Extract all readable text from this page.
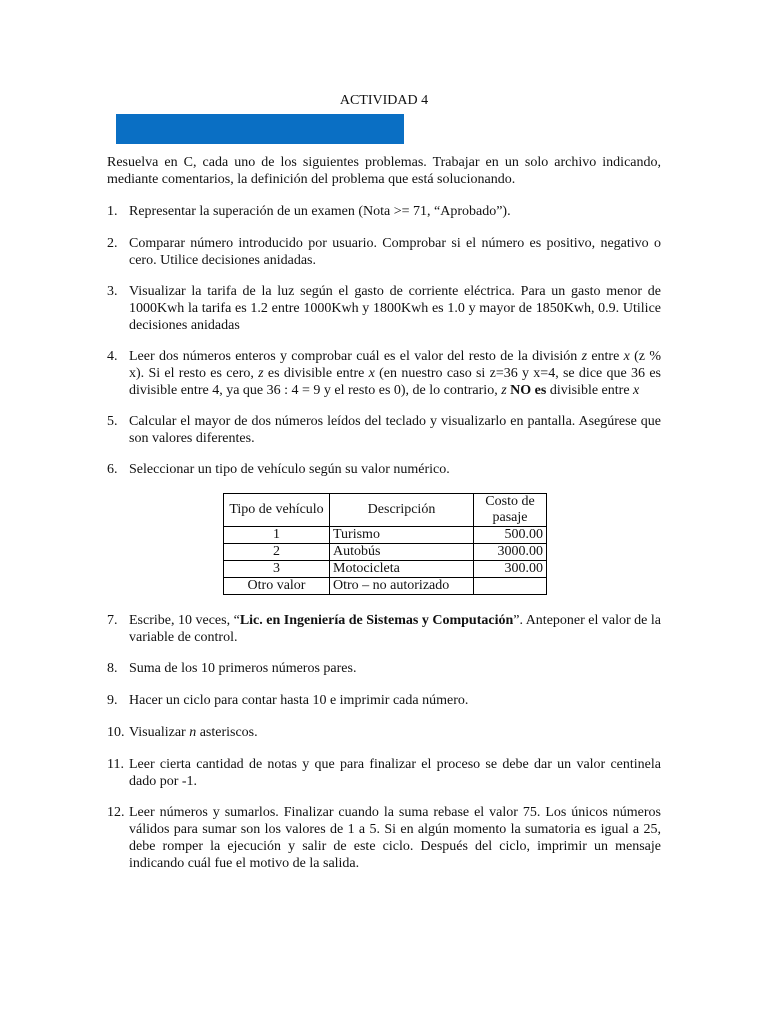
ACTIVIDAD 4
Resuelva en C, cada uno de los siguientes problemas. Trabajar en un solo archivo indicando, mediante comentarios, la definición del problema que está solucionando.
1. Representar la superación de un examen (Nota >= 71, “Aprobado”).
2. Comparar número introducido por usuario. Comprobar si el número es positivo, negativo o cero. Utilice decisiones anidadas.
3. Visualizar la tarifa de la luz según el gasto de corriente eléctrica. Para un gasto menor de 1000Kwh la tarifa es 1.2 entre 1000Kwh y 1800Kwh es 1.0 y mayor de 1850Kwh, 0.9. Utilice decisiones anidadas
4. Leer dos números enteros y comprobar cuál es el valor del resto de la división z entre x (z % x). Si el resto es cero, z es divisible entre x (en nuestro caso si z=36 y x=4, se dice que 36 es divisible entre 4, ya que 36 : 4 = 9 y el resto es 0), de lo contrario, z NO es divisible entre x
5. Calcular el mayor de dos números leídos del teclado y visualizarlo en pantalla. Asegúrese que son valores diferentes.
6. Seleccionar un tipo de vehículo según su valor numérico.
Tipo de vehículo	Descripción	Costo de pasaje
1	Turismo	500.00
2	Autobús	3000.00
3	Motocicleta	300.00
Otro valor	Otro – no autorizado	
7. Escribe, 10 veces, “Lic. en Ingeniería de Sistemas y Computación”. Anteponer el valor de la variable de control.
8. Suma de los 10 primeros números pares.
9. Hacer un ciclo para contar hasta 10 e imprimir cada número.
10. Visualizar n asteriscos.
11. Leer cierta cantidad de notas y que para finalizar el proceso se debe dar un valor centinela dado por -1.
12. Leer números y sumarlos. Finalizar cuando la suma rebase el valor 75. Los únicos números válidos para sumar son los valores de 1 a 5. Si en algún momento la sumatoria es igual a 25, debe romper la ejecución y salir de este ciclo. Después del ciclo, imprimir un mensaje indicando cuál fue el motivo de la salida.
